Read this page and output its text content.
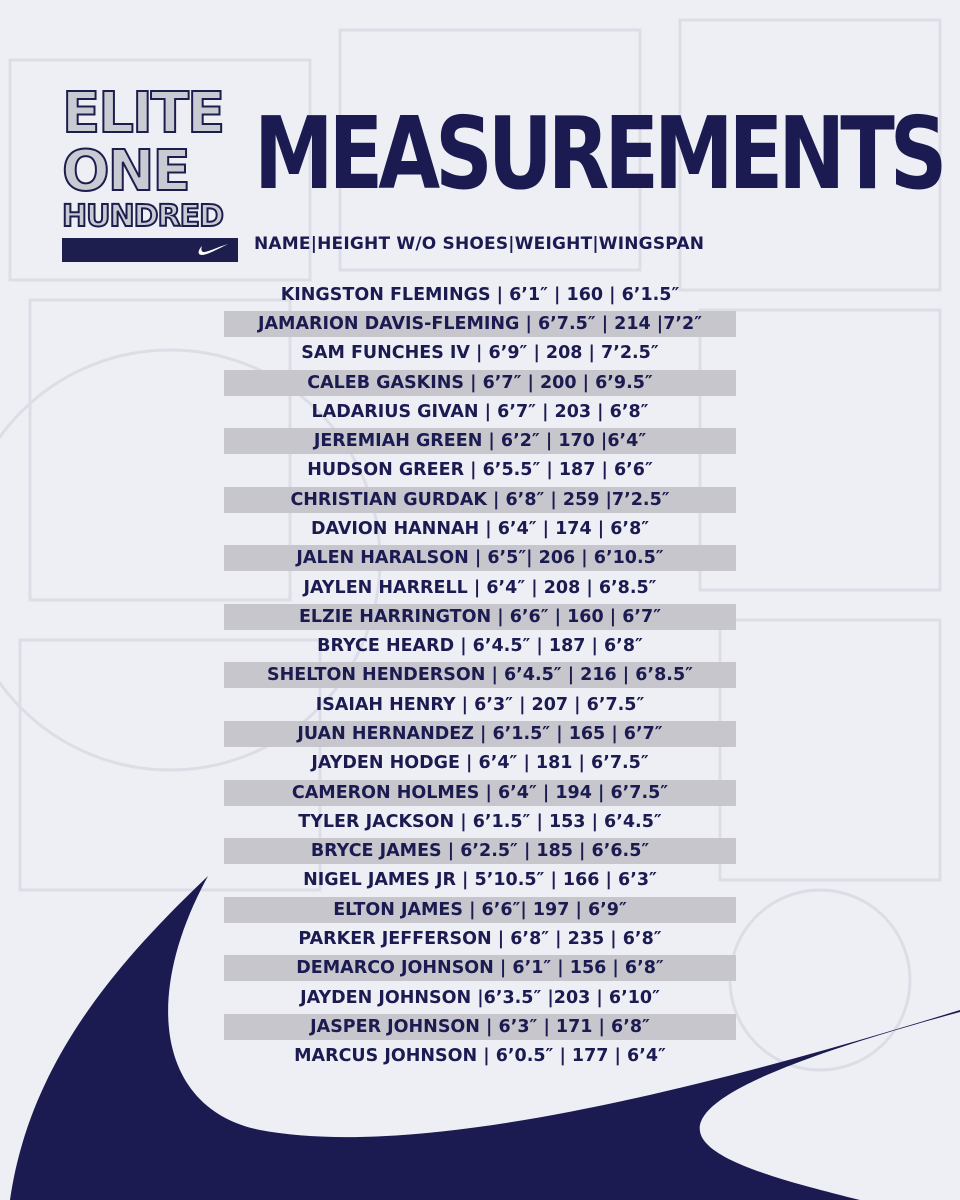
ELITE
ONE
HUNDRED
MEASUREMENTS
NAME|HEIGHT W/O SHOES|WEIGHT|WINGSPAN
KINGSTON FLEMINGS | 6’1″ | 160 | 6’1.5″
JAMARION DAVIS-FLEMING | 6’7.5″ | 214 |7’2″
SAM FUNCHES IV | 6’9″ | 208 | 7’2.5″
CALEB GASKINS | 6’7″ | 200 | 6’9.5″
LADARIUS GIVAN | 6’7″ | 203 | 6’8″
JEREMIAH GREEN | 6’2″ | 170 |6’4″
HUDSON GREER | 6’5.5″ | 187 | 6’6″
CHRISTIAN GURDAK | 6’8″ | 259 |7’2.5″
DAVION HANNAH | 6’4″ | 174 | 6’8″
JALEN HARALSON | 6’5″| 206 | 6’10.5″
JAYLEN HARRELL | 6’4″ | 208 | 6’8.5″
ELZIE HARRINGTON | 6’6″ | 160 | 6’7″
BRYCE HEARD | 6’4.5″ | 187 | 6’8″
SHELTON HENDERSON | 6’4.5″ | 216 | 6’8.5″
ISAIAH HENRY | 6’3″ | 207 | 6’7.5″
JUAN HERNANDEZ | 6’1.5″ | 165 | 6’7″
JAYDEN HODGE | 6’4″ | 181 | 6’7.5″
CAMERON HOLMES | 6’4″ | 194 | 6’7.5″
TYLER JACKSON | 6’1.5″ | 153 | 6’4.5″
BRYCE JAMES | 6’2.5″ | 185 | 6’6.5″
NIGEL JAMES JR | 5’10.5″ | 166 | 6’3″
ELTON JAMES | 6’6″| 197 | 6’9″
PARKER JEFFERSON | 6’8″ | 235 | 6’8″
DEMARCO JOHNSON | 6’1″ | 156 | 6’8″
JAYDEN JOHNSON |6’3.5″ |203 | 6’10″
JASPER JOHNSON | 6’3″ | 171 | 6’8″
MARCUS JOHNSON | 6’0.5″ | 177 | 6’4″
